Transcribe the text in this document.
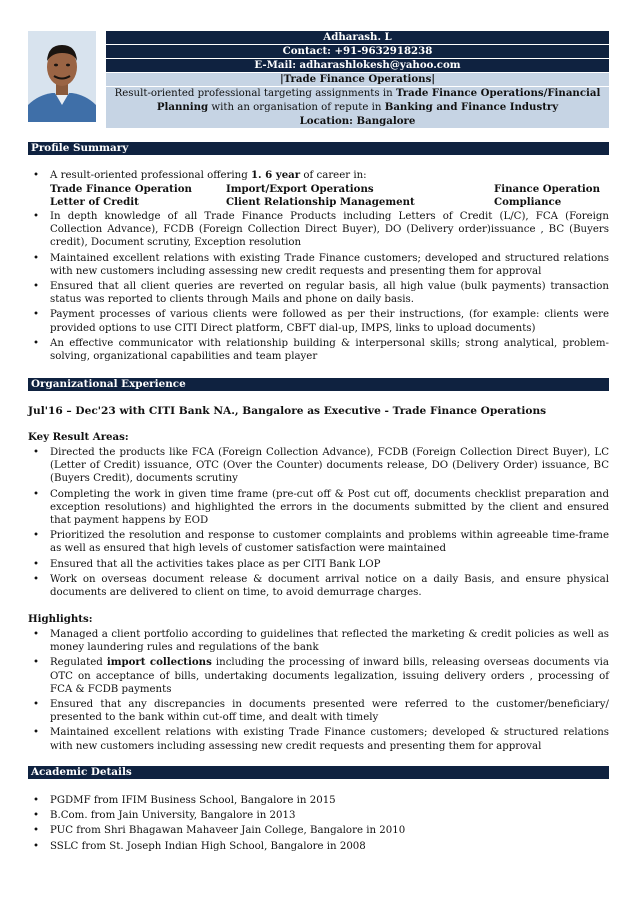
Adharash. L
Contact: +91-9632918238
E-Mail: adharashlokesh@yahoo.com
|Trade Finance Operations|
Result-oriented professional targeting assignments in Trade Finance Operations/Financial
Planning with an organisation of repute in Banking and Finance Industry
Location: Bangalore
Profile Summary
• A result-oriented professional offering 1. 6 year of career in:
Trade Finance Operation	Import/Export Operations	Finance Operation
Letter of Credit	Client Relationship Management	Compliance
• In depth knowledge of all Trade Finance Products including Letters of Credit (L/C), FCA (Foreign Collection Advance), FCDB (Foreign Collection Direct Buyer), DO (Delivery order)issuance , BC (Buyers credit), Document scrutiny, Exception resolution
• Maintained excellent relations with existing Trade Finance customers; developed and structured relations with new customers including assessing new credit requests and presenting them for approval
• Ensured that all client queries are reverted on regular basis, all high value (bulk payments) transaction status was reported to clients through Mails and phone on daily basis.
• Payment processes of various clients were followed as per their instructions, (for example: clients were provided options to use CITI Direct platform, CBFT dial-up, IMPS, links to upload documents)
• An effective communicator with relationship building & interpersonal skills; strong analytical, problem-solving, organizational capabilities and team player
Organizational Experience
Jul'16 – Dec'23 with CITI Bank NA., Bangalore as Executive - Trade Finance Operations
Key Result Areas:
• Directed the products like FCA (Foreign Collection Advance), FCDB (Foreign Collection Direct Buyer), LC (Letter of Credit) issuance, OTC (Over the Counter) documents release, DO (Delivery Order) issuance, BC (Buyers Credit), documents scrutiny
• Completing the work in given time frame (pre-cut off & Post cut off, documents checklist preparation and exception resolutions) and highlighted the errors in the documents submitted by the client and ensured that payment happens by EOD
• Prioritized the resolution and response to customer complaints and problems within agreeable time-frame as well as ensured that high levels of customer satisfaction were maintained
• Ensured that all the activities takes place as per CITI Bank LOP
• Work on overseas document release & document arrival notice on a daily Basis, and ensure physical documents are delivered to client on time, to avoid demurrage charges.
Highlights:
• Managed a client portfolio according to guidelines that reflected the marketing & credit policies as well as money laundering rules and regulations of the bank
• Regulated import collections including the processing of inward bills, releasing overseas documents via OTC on acceptance of bills, undertaking documents legalization, issuing delivery orders , processing of FCA & FCDB payments
• Ensured that any discrepancies in documents presented were referred to the customer/beneficiary/ presented to the bank within cut-off time, and dealt with timely
• Maintained excellent relations with existing Trade Finance customers; developed & structured relations with new customers including assessing new credit requests and presenting them for approval
Academic Details
• PGDMF from IFIM Business School, Bangalore in 2015
• B.Com. from Jain University, Bangalore in 2013
• PUC from Shri Bhagawan Mahaveer Jain College, Bangalore in 2010
• SSLC from St. Joseph Indian High School, Bangalore in 2008
